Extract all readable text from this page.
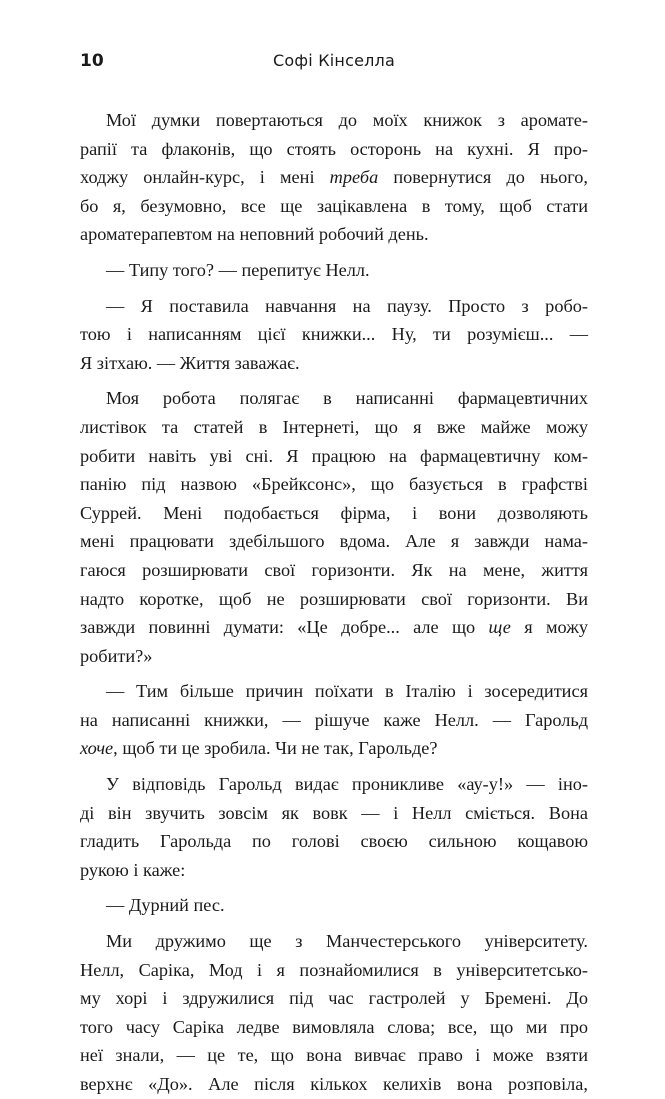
10	Софі Кінселла
Мої думки повертаються до моїх книжок з аромате-
рапії та флаконів, що стоять осторонь на кухні. Я про-
ходжу онлайн-курс, і мені треба повернутися до нього,
бо я, безумовно, все ще зацікавлена в тому, щоб стати
ароматерапевтом на неповний робочий день.
— Типу того? — перепитує Нелл.
— Я поставила навчання на паузу. Просто з робо-
тою і написанням цієї книжки... Ну, ти розумієш... —
Я зітхаю. — Життя заважає.
Моя робота полягає в написанні фармацевтичних
листівок та статей в Інтернеті, що я вже майже можу
робити навіть уві сні. Я працюю на фармацевтичну ком-
панію під назвою «Брейксонс», що базується в графстві
Суррей. Мені подобається фірма, і вони дозволяють
мені працювати здебільшого вдома. Але я завжди нама-
гаюся розширювати свої горизонти. Як на мене, життя
надто коротке, щоб не розширювати свої горизонти. Ви
завжди повинні думати: «Це добре... але що ще я можу
робити?»
— Тим більше причин поїхати в Італію і зосередитися
на написанні книжки, — рішуче каже Нелл. — Гарольд
хоче, щоб ти це зробила. Чи не так, Гарольде?
У відповідь Гарольд видає проникливе «ау-у!» — іно-
ді він звучить зовсім як вовк — і Нелл сміється. Вона
гладить Гарольда по голові своєю сильною кощавою
рукою і каже:
— Дурний пес.
Ми дружимо ще з Манчестерського університету.
Нелл, Саріка, Мод і я познайомилися в університетсько-
му хорі і здружилися під час гастролей у Бремені. До
того часу Саріка ледве вимовляла слова; все, що ми про
неї знали, — це те, що вона вивчає право і може взяти
верхнє «До». Але після кількох келихів вона розповіла,
